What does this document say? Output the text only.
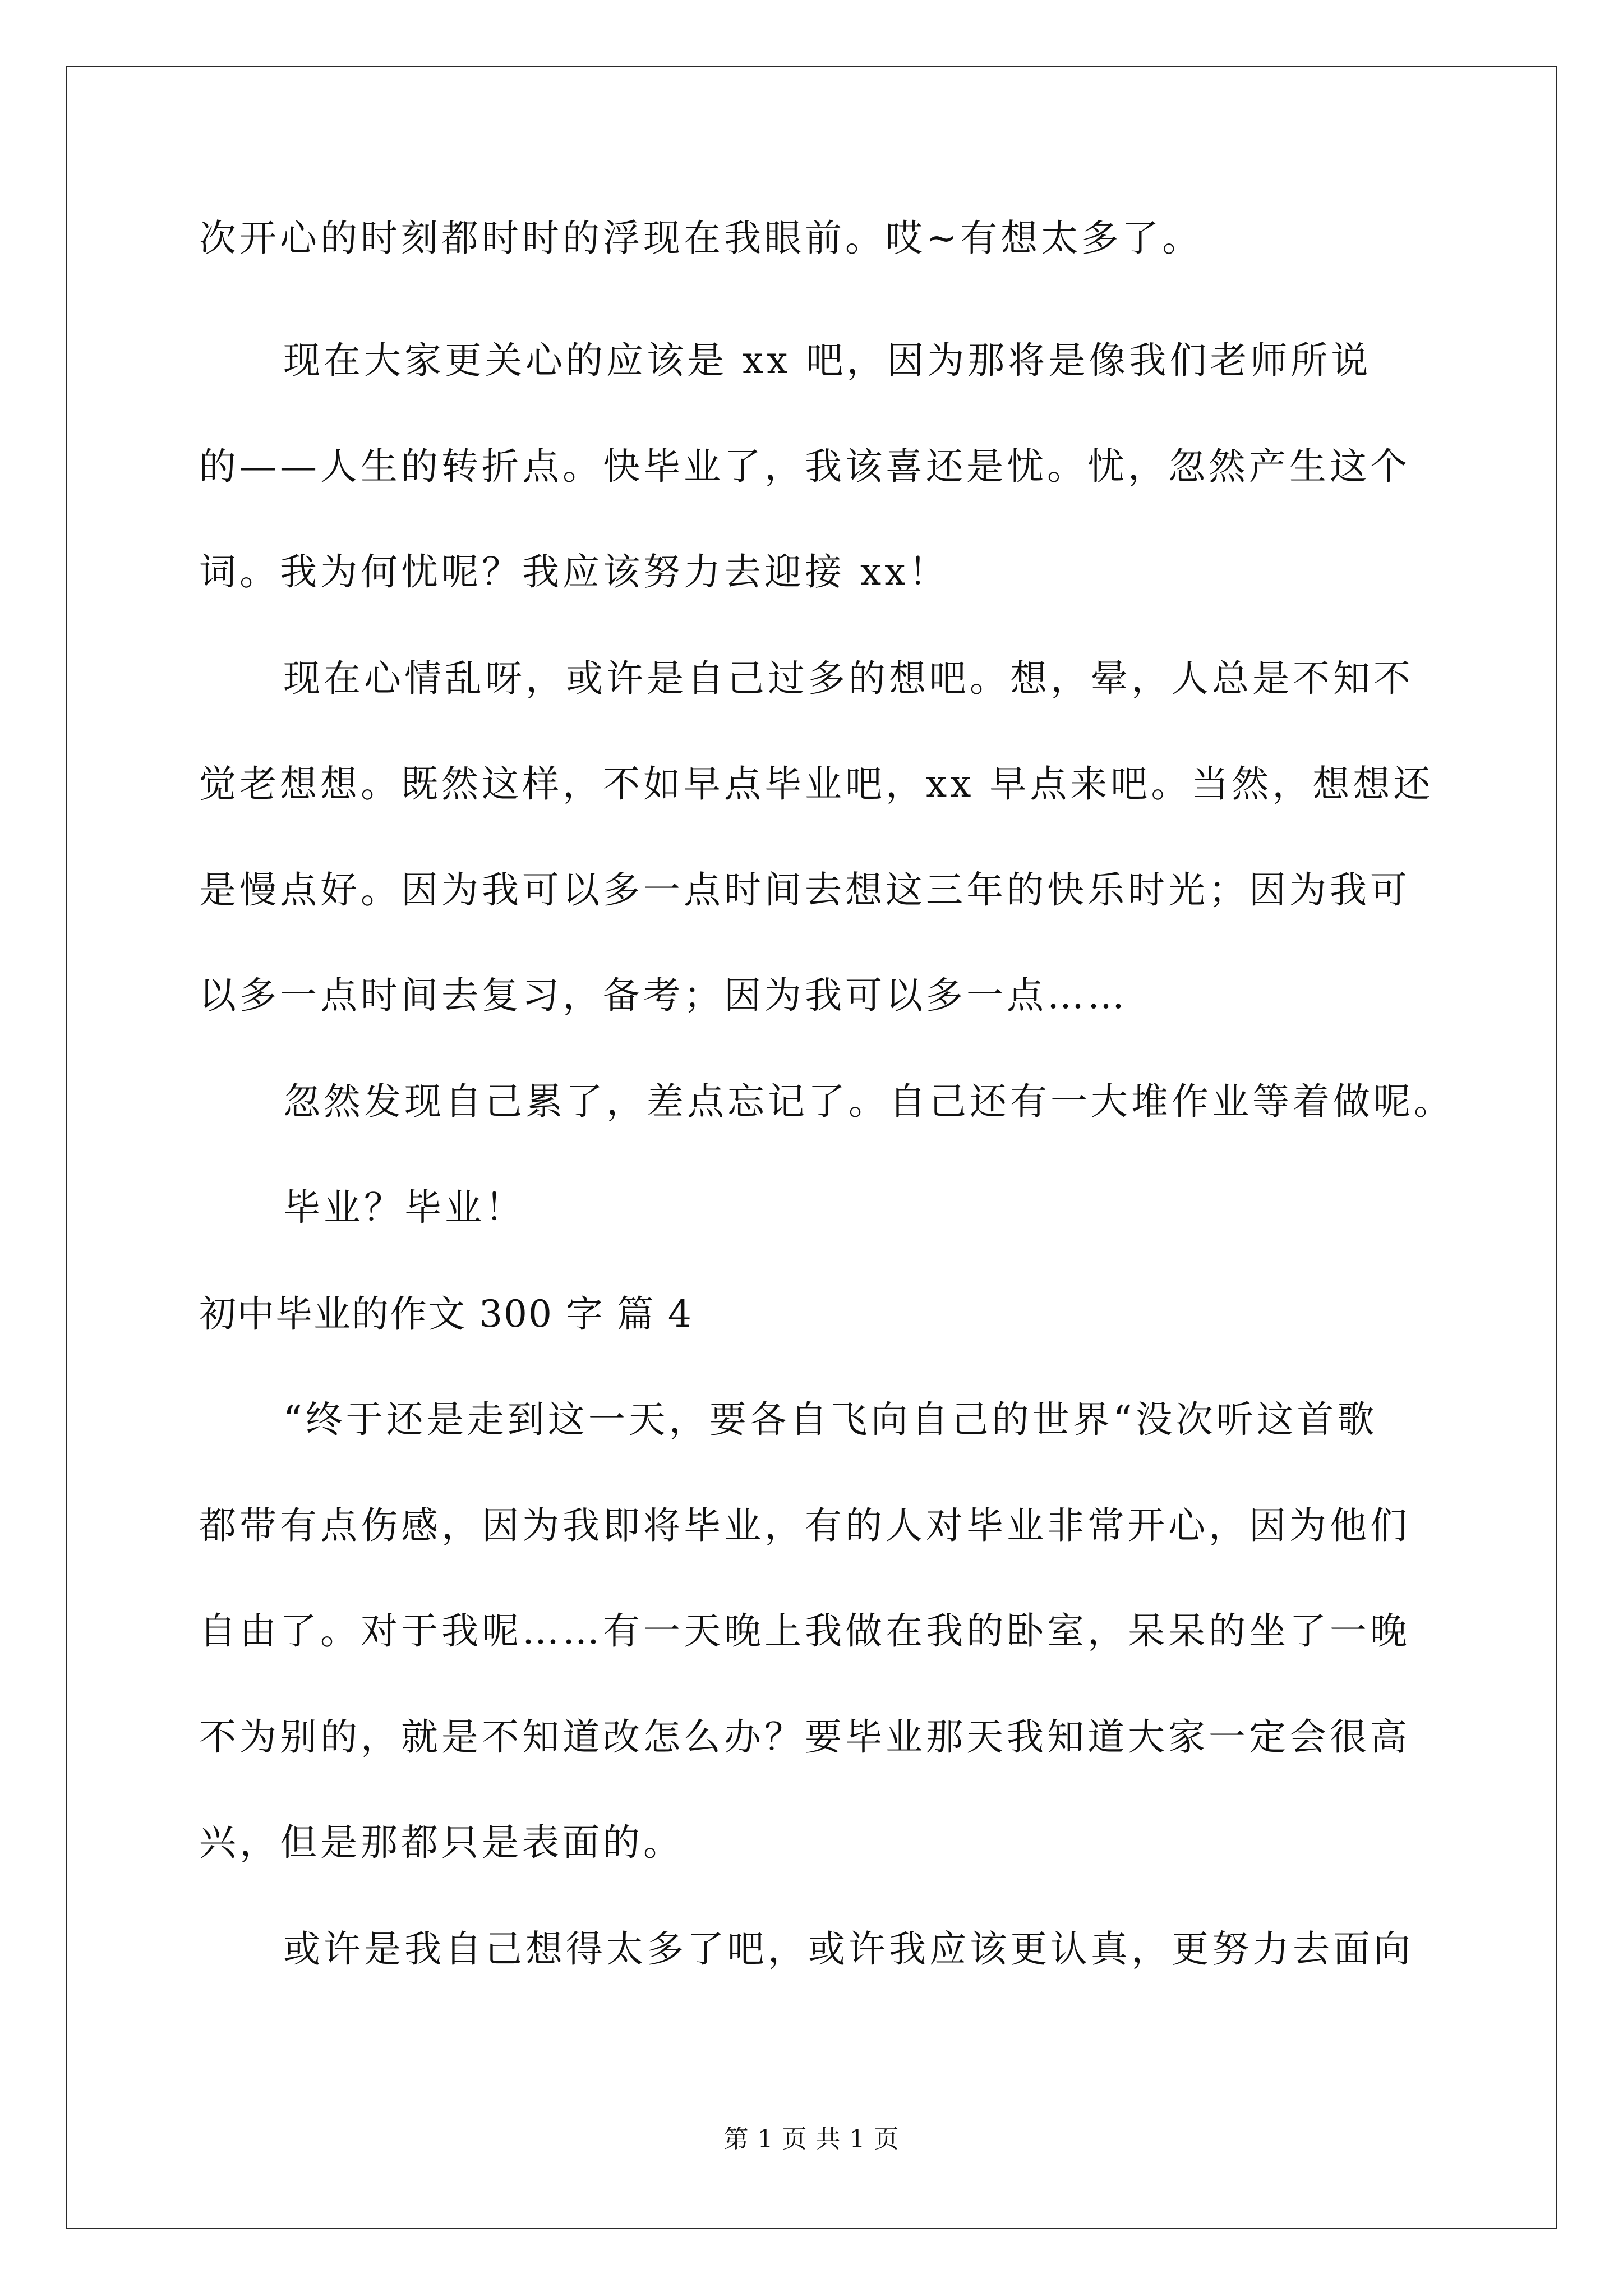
次开心的时刻都时时的浮现在我眼前。哎~有想太多了。
现在大家更关心的应该是 xx 吧，因为那将是像我们老师所说
的——人生的转折点。快毕业了，我该喜还是忧。忧，忽然产生这个
词。我为何忧呢？我应该努力去迎接 xx！
现在心情乱呀，或许是自己过多的想吧。想，晕，人总是不知不
觉老想想。既然这样，不如早点毕业吧，xx 早点来吧。当然，想想还
是慢点好。因为我可以多一点时间去想这三年的快乐时光；因为我可
以多一点时间去复习，备考；因为我可以多一点……
忽然发现自己累了，差点忘记了。自己还有一大堆作业等着做呢。
毕业？毕业！
初中毕业的作文 300 字 篇 4
“终于还是走到这一天，要各自飞向自己的世界“没次听这首歌
都带有点伤感，因为我即将毕业，有的人对毕业非常开心，因为他们
自由了。对于我呢……有一天晚上我做在我的卧室，呆呆的坐了一晚
不为别的，就是不知道改怎么办？要毕业那天我知道大家一定会很高
兴，但是那都只是表面的。
或许是我自己想得太多了吧，或许我应该更认真，更努力去面向
第 1 页 共 1 页
